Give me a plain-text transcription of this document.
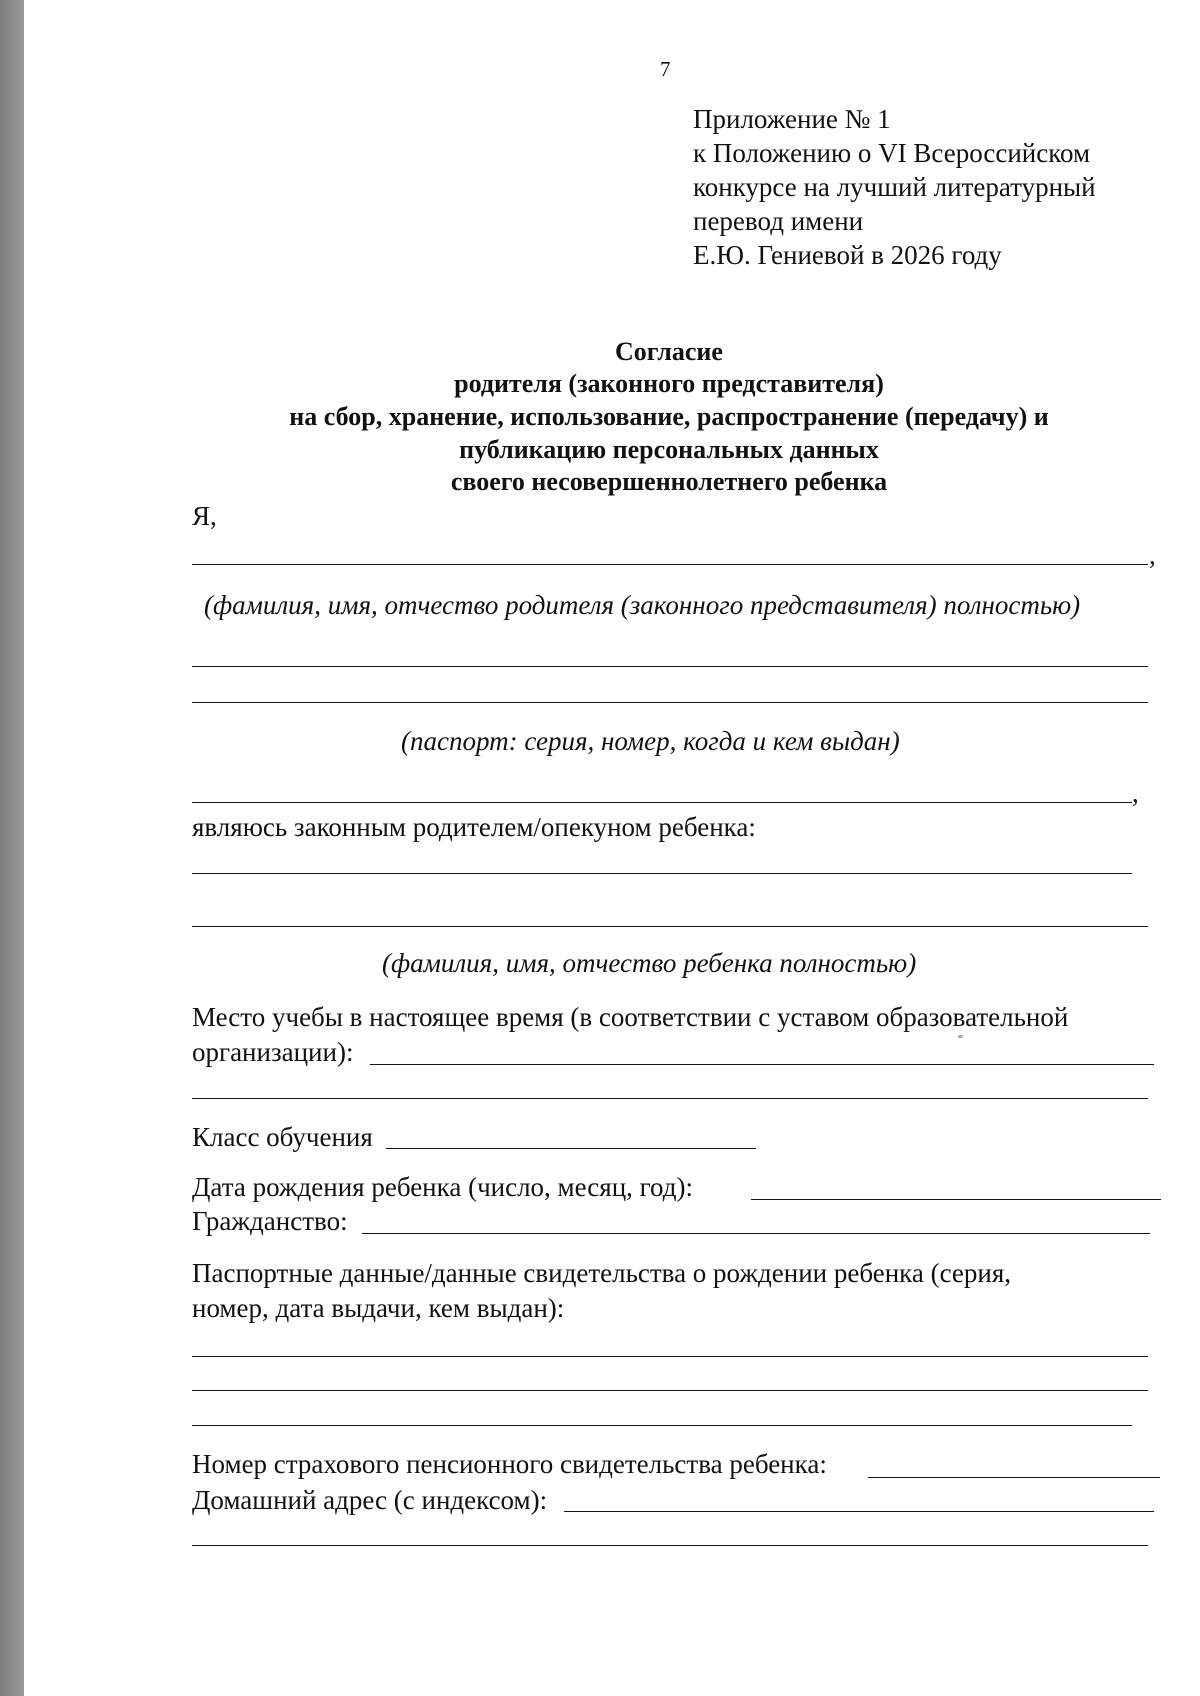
7
Приложение № 1
к Положению о VI Всероссийском
конкурсе на лучший литературный
перевод имени
Е.Ю. Гениевой в 2026 году
Согласие
родителя (законного представителя)
на сбор, хранение, использование, распространение (передачу) и
публикацию персональных данных
своего несовершеннолетнего ребенка
Я,
,
(фамилия, имя, отчество родителя (законного представителя) полностью)
(паспорт: серия, номер, когда и кем выдан)
,
являюсь законным родителем/опекуном ребенка:
(фамилия, имя, отчество ребенка полностью)
Место учебы в настоящее время (в соответствии с уставом образовательной
организации):
Класс обучения
Дата рождения ребенка (число, месяц, год):
Гражданство:
Паспортные данные/данные свидетельства о рождении ребенка (серия,
номер, дата выдачи, кем выдан):
Номер страхового пенсионного свидетельства ребенка:
Домашний адрес (с индексом):
